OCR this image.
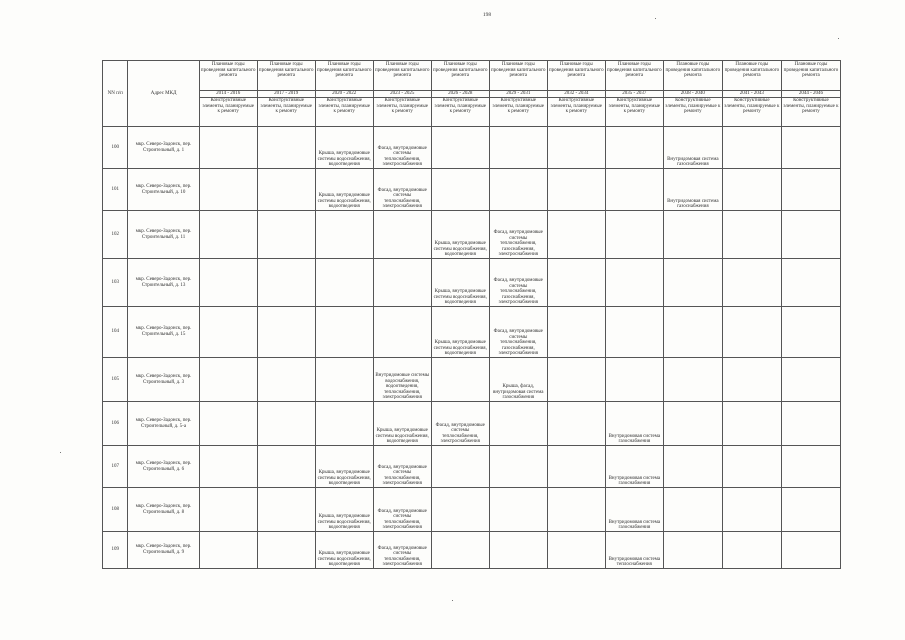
198
NN п/п	Адрес МКД	Плановые годы проведения капитального ремонта	Плановые годы проведения капитального ремонта	Плановые годы проведения капитального ремонта	Плановые годы проведения капитального ремонта	Плановые годы проведения капитального ремонта	Плановые годы проведения капитального ремонта	Плановые годы проведения капитального ремонта	Плановые годы проведения капитального ремонта	Плановые годы проведения капитального ремонта	Плановые годы проведения капитального ремонта	Плановые годы проведения капитального ремонта
		2014 - 2016	2017 - 2019	2020 - 2022	2023 - 2025	2026 - 2028	2029 - 2031	2032 - 2034	2035 - 2037	2038 - 2040	2041 - 2043	2044 - 2046
		Конструктивные элементы, планируемые к ремонту	Конструктивные элементы, планируемые к ремонту	Конструктивные элементы, планируемые к ремонту	Конструктивные элементы, планируемые к ремонту	Конструктивные элементы, планируемые к ремонту	Конструктивные элементы, планируемые к ремонту	Конструктивные элементы, планируемые к ремонту	Конструктивные элементы, планируемые к ремонту	Конструктивные элементы, планируемые к ремонту	Конструктивные элементы, планируемые к ремонту	Конструктивные элементы, планируемые к ремонту
100	мкр. Северо-Задонск, пер. Строительный, д. 1			Крыша, внутридомовые системы водоснабжения, водоотведения	Фасад, внутридомовые системы теплоснабжения, электроснабжения					Внутридомовая система газоснабжения		
101	мкр. Северо-Задонск, пер. Строительный, д. 10			Крыша, внутридомовые системы водоснабжения, водоотведения	Фасад, внутридомовые системы теплоснабжения, электроснабжения					Внутридомовая система газоснабжения		
102	мкр. Северо-Задонск, пер. Строительный, д. 11					Крыша, внутридомовые системы водоснабжения, водоотведения	Фасад, внутридомовые системы теплоснабжения, газоснабжения, электроснабжения					
103	мкр. Северо-Задонск, пер. Строительный, д. 13					Крыша, внутридомовые системы водоснабжения, водоотведения	Фасад, внутридомовые системы теплоснабжения, газоснабжения, электроснабжения					
104	мкр. Северо-Задонск, пер. Строительный, д. 15					Крыша, внутридомовые системы водоснабжения, водоотведения	Фасад, внутридомовые системы теплоснабжения, газоснабжения, электроснабжения					
105	мкр. Северо-Задонск, пер. Строительный, д. 3				Внутридомовые системы водоснабжения, водоотведения, теплоснабжения, электроснабжения		Крыша, фасад, внутридомовая система газоснабжения					
106	мкр. Северо-Задонск, пер. Строительный, д. 5-а				Крыша, внутридомовые системы водоснабжения, водоотведения	Фасад, внутридомовые системы теплоснабжения, электроснабжения			Внутридомовая система газоснабжения			
107	мкр. Северо-Задонск, пер. Строительный, д. 6			Крыша, внутридомовые системы водоснабжения, водоотведения	Фасад, внутридомовые системы теплоснабжения, электроснабжения				Внутридомовая система газоснабжения			
108	мкр. Северо-Задонск, пер. Строительный, д. 8			Крыша, внутридомовые системы водоснабжения, водоотведения	Фасад, внутридомовые системы теплоснабжения, электроснабжения				Внутридомовая система газоснабжения			
109	мкр. Северо-Задонск, пер. Строительный, д. 9			Крыша, внутридомовые системы водоснабжения, водоотведения	Фасад, внутридомовые системы теплоснабжения, электроснабжения				Внутридомовая система теплоснабжения			
